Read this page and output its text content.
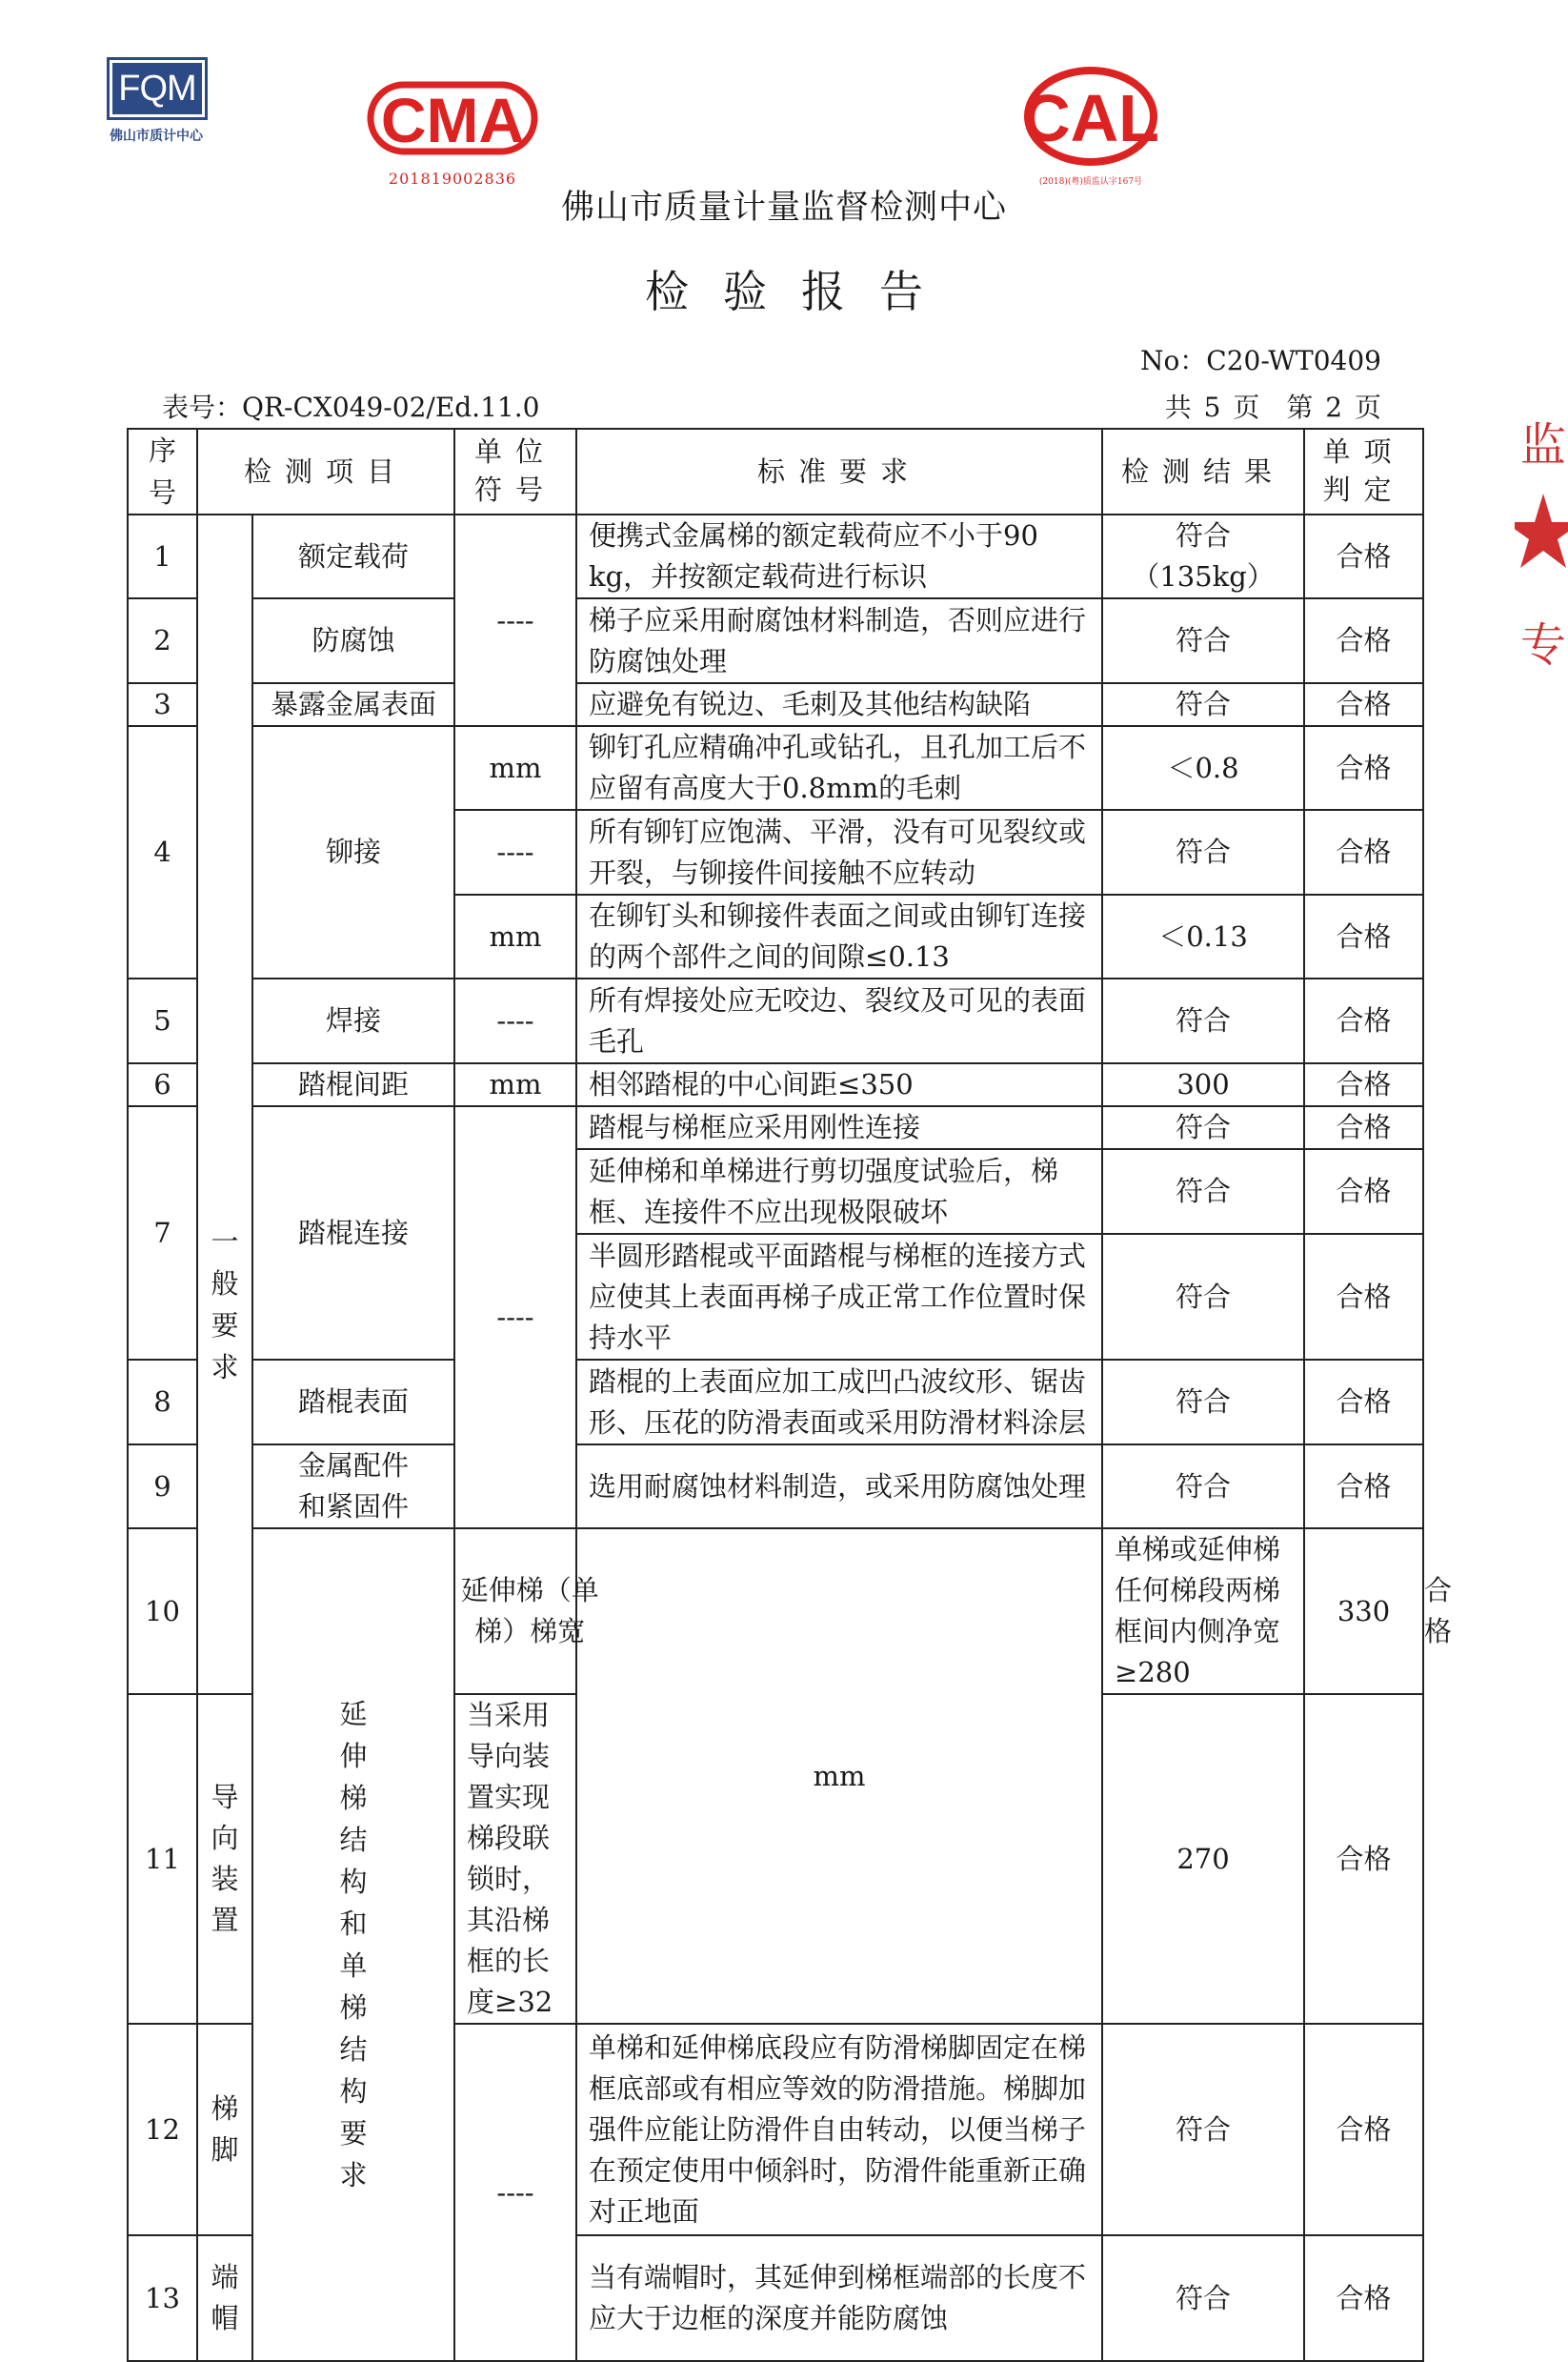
FQM
佛山市质计中心	CMA
201819002836
CAL
(2018)(粤)质监认字167号
佛山市质量计量监督检测中心
检验报告
No：C20-WT0409
表号：QR-CX049-02/Ed.11.0	共 5 页　第 2 页
监
专
序号	检测项目		单位符号	标准要求	检测结果	单项判定	
1	一般要求	额定载荷	----	便携式金属梯的额定载荷应不小于90 kg，并按额定载荷进行标识	符合（135kg）	合格	
2		防腐蚀		梯子应采用耐腐蚀材料制造，否则应进行防腐蚀处理	符合	合格	
3		暴露金属表面		应避免有锐边、毛刺及其他结构缺陷	符合	合格	
4		铆接	mm	铆钉孔应精确冲孔或钻孔，且孔加工后不应留有高度大于0.8mm的毛刺	＜0.8	合格	
			----	所有铆钉应饱满、平滑，没有可见裂纹或开裂，与铆接件间接触不应转动	符合	合格	
			mm	在铆钉头和铆接件表面之间或由铆钉连接的两个部件之间的间隙≤0.13	＜0.13	合格	
5		焊接	----	所有焊接处应无咬边、裂纹及可见的表面毛孔	符合	合格	
6		踏棍间距	mm	相邻踏棍的中心间距≤350	300	合格	
7		踏棍连接	----	踏棍与梯框应采用刚性连接	符合	合格	
				延伸梯和单梯进行剪切强度试验后，梯框、连接件不应出现极限破坏	符合	合格	
				半圆形踏棍或平面踏棍与梯框的连接方式应使其上表面再梯子成正常工作位置时保持水平	符合	合格	
8		踏棍表面		踏棍的上表面应加工成凹凸波纹形、锯齿形、压花的防滑表面或采用防滑材料涂层	符合	合格	
9		金属配件和紧固件		选用耐腐蚀材料制造，或采用防腐蚀处理	符合	合格	
10		延伸梯结构和单梯结构要求	延伸梯（单梯）梯宽	mm	单梯或延伸梯任何梯段两梯框间内侧净宽≥280	330	合格
11	导向装置		当采用导向装置实现梯段联锁时，其沿梯框的长度≥32		270	合格	
12	梯脚		----	单梯和延伸梯底段应有防滑梯脚固定在梯框底部或有相应等效的防滑措施。梯脚加强件应能让防滑件自由转动，以便当梯子在预定使用中倾斜时，防滑件能重新正确对正地面	符合	合格	
13	端帽			当有端帽时，其延伸到梯框端部的长度不应大于边框的深度并能防腐蚀	符合	合格	
